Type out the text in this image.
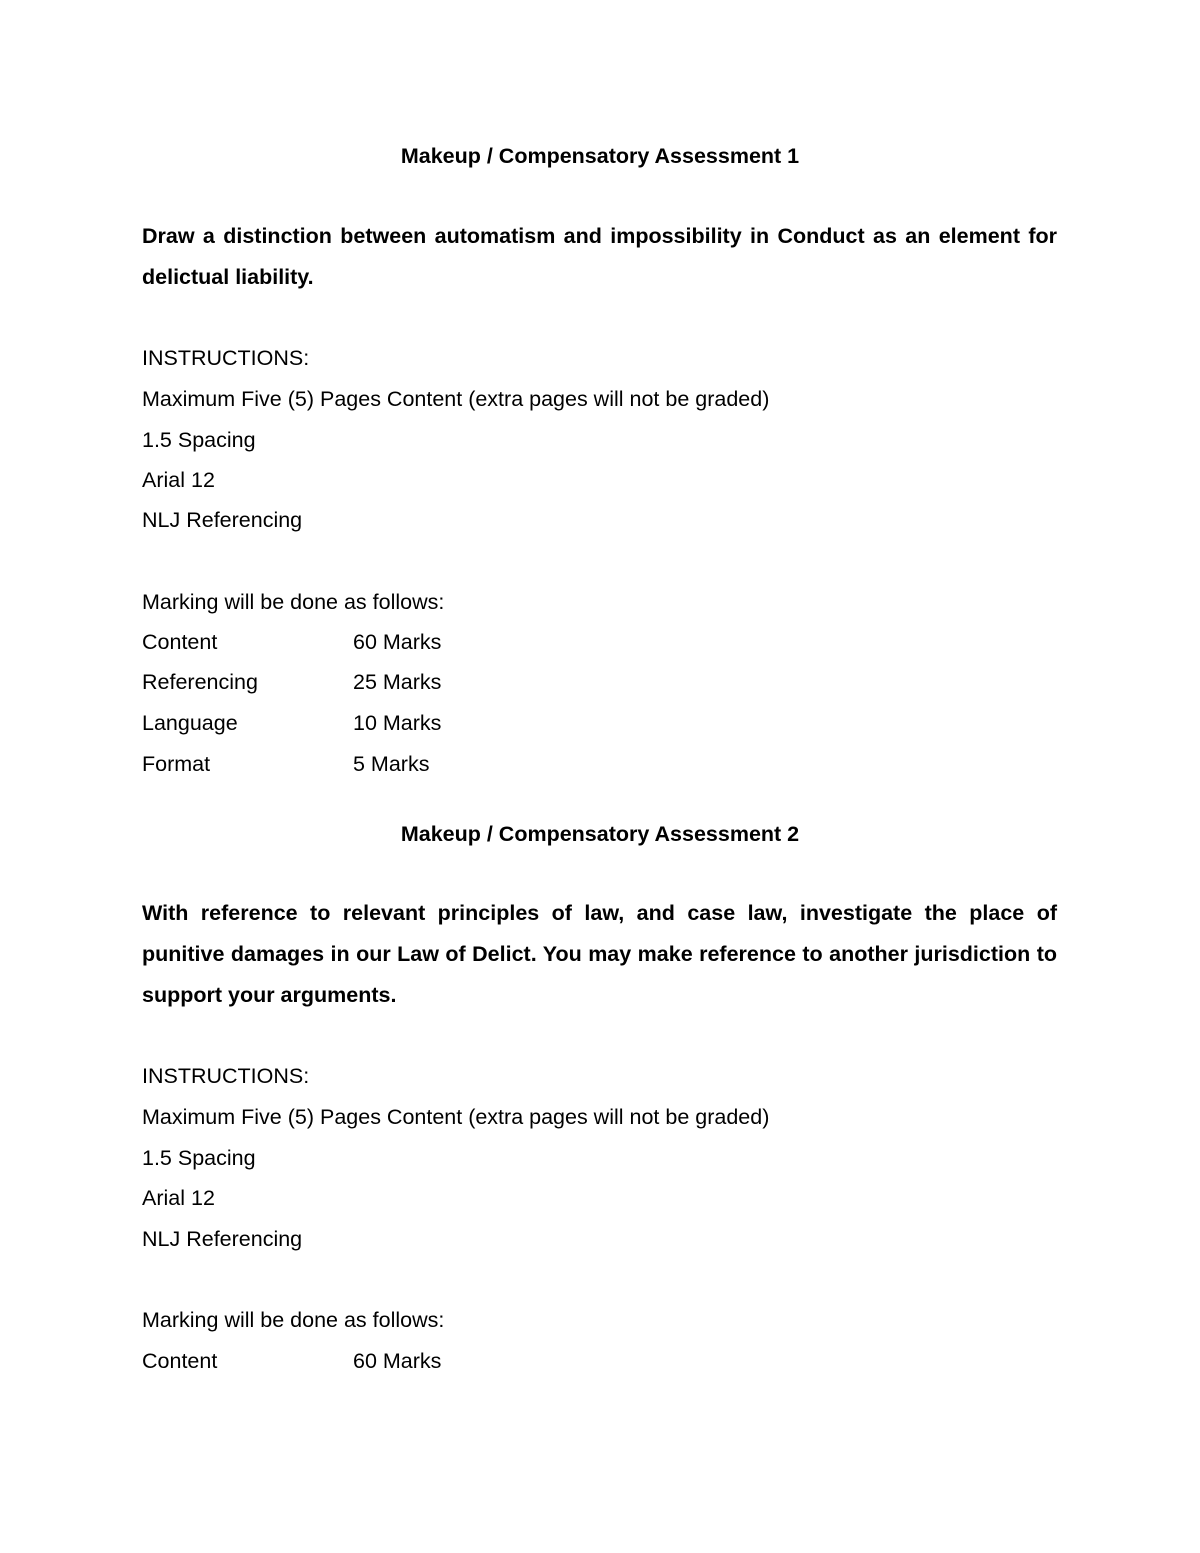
Makeup / Compensatory Assessment 1
Draw a distinction between automatism and impossibility in Conduct as an element for delictual liability.
INSTRUCTIONS:
Maximum Five (5) Pages Content (extra pages will not be graded)
1.5 Spacing
Arial 12
NLJ Referencing
Marking will be done as follows:
Content	60 Marks
Referencing	25 Marks
Language	10 Marks
Format	5 Marks
Makeup / Compensatory Assessment 2
With reference to relevant principles of law, and case law, investigate the place of punitive damages in our Law of Delict. You may make reference to another jurisdiction to support your arguments.
INSTRUCTIONS:
Maximum Five (5) Pages Content (extra pages will not be graded)
1.5 Spacing
Arial 12
NLJ Referencing
Marking will be done as follows:
Content	60 Marks
